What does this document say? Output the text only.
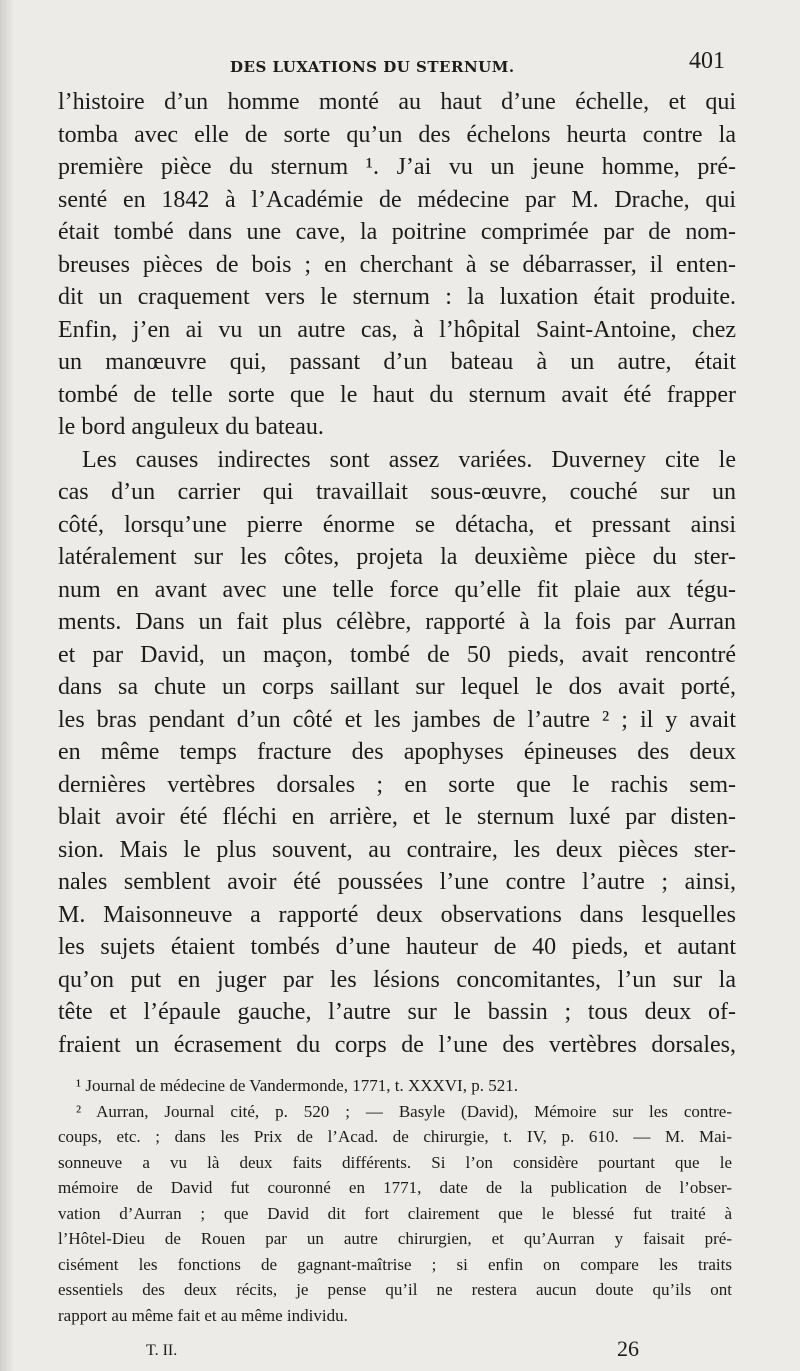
DES LUXATIONS DU STERNUM.	401
l’histoire d’un homme monté au haut d’une échelle, et qui
tomba avec elle de sorte qu’un des échelons heurta contre la
première pièce du sternum ¹. J’ai vu un jeune homme, pré-
senté en 1842 à l’Académie de médecine par M. Drache, qui
était tombé dans une cave, la poitrine comprimée par de nom-
breuses pièces de bois ; en cherchant à se débarrasser, il enten-
dit un craquement vers le sternum : la luxation était produite.
Enfin, j’en ai vu un autre cas, à l’hôpital Saint-Antoine, chez
un manœuvre qui, passant d’un bateau à un autre, était
tombé de telle sorte que le haut du sternum avait été frapper
le bord anguleux du bateau.
Les causes indirectes sont assez variées. Duverney cite le
cas d’un carrier qui travaillait sous-œuvre, couché sur un
côté, lorsqu’une pierre énorme se détacha, et pressant ainsi
latéralement sur les côtes, projeta la deuxième pièce du ster-
num en avant avec une telle force qu’elle fit plaie aux tégu-
ments. Dans un fait plus célèbre, rapporté à la fois par Aurran
et par David, un maçon, tombé de 50 pieds, avait rencontré
dans sa chute un corps saillant sur lequel le dos avait porté,
les bras pendant d’un côté et les jambes de l’autre ² ; il y avait
en même temps fracture des apophyses épineuses des deux
dernières vertèbres dorsales ; en sorte que le rachis sem-
blait avoir été fléchi en arrière, et le sternum luxé par disten-
sion. Mais le plus souvent, au contraire, les deux pièces ster-
nales semblent avoir été poussées l’une contre l’autre ; ainsi,
M. Maisonneuve a rapporté deux observations dans lesquelles
les sujets étaient tombés d’une hauteur de 40 pieds, et autant
qu’on put en juger par les lésions concomitantes, l’un sur la
tête et l’épaule gauche, l’autre sur le bassin ; tous deux of-
fraient un écrasement du corps de l’une des vertèbres dorsales,
¹ Journal de médecine de Vandermonde, 1771, t. XXXVI, p. 521.
² Aurran, Journal cité, p. 520 ; — Basyle (David), Mémoire sur les contre-
coups, etc. ; dans les Prix de l’Acad. de chirurgie, t. IV, p. 610. — M. Mai-
sonneuve a vu là deux faits différents. Si l’on considère pourtant que le
mémoire de David fut couronné en 1771, date de la publication de l’obser-
vation d’Aurran ; que David dit fort clairement que le blessé fut traité à
l’Hôtel-Dieu de Rouen par un autre chirurgien, et qu’Aurran y faisait pré-
cisément les fonctions de gagnant-maîtrise ; si enfin on compare les traits
essentiels des deux récits, je pense qu’il ne restera aucun doute qu’ils ont
rapport au même fait et au même individu.
T. II.	26
